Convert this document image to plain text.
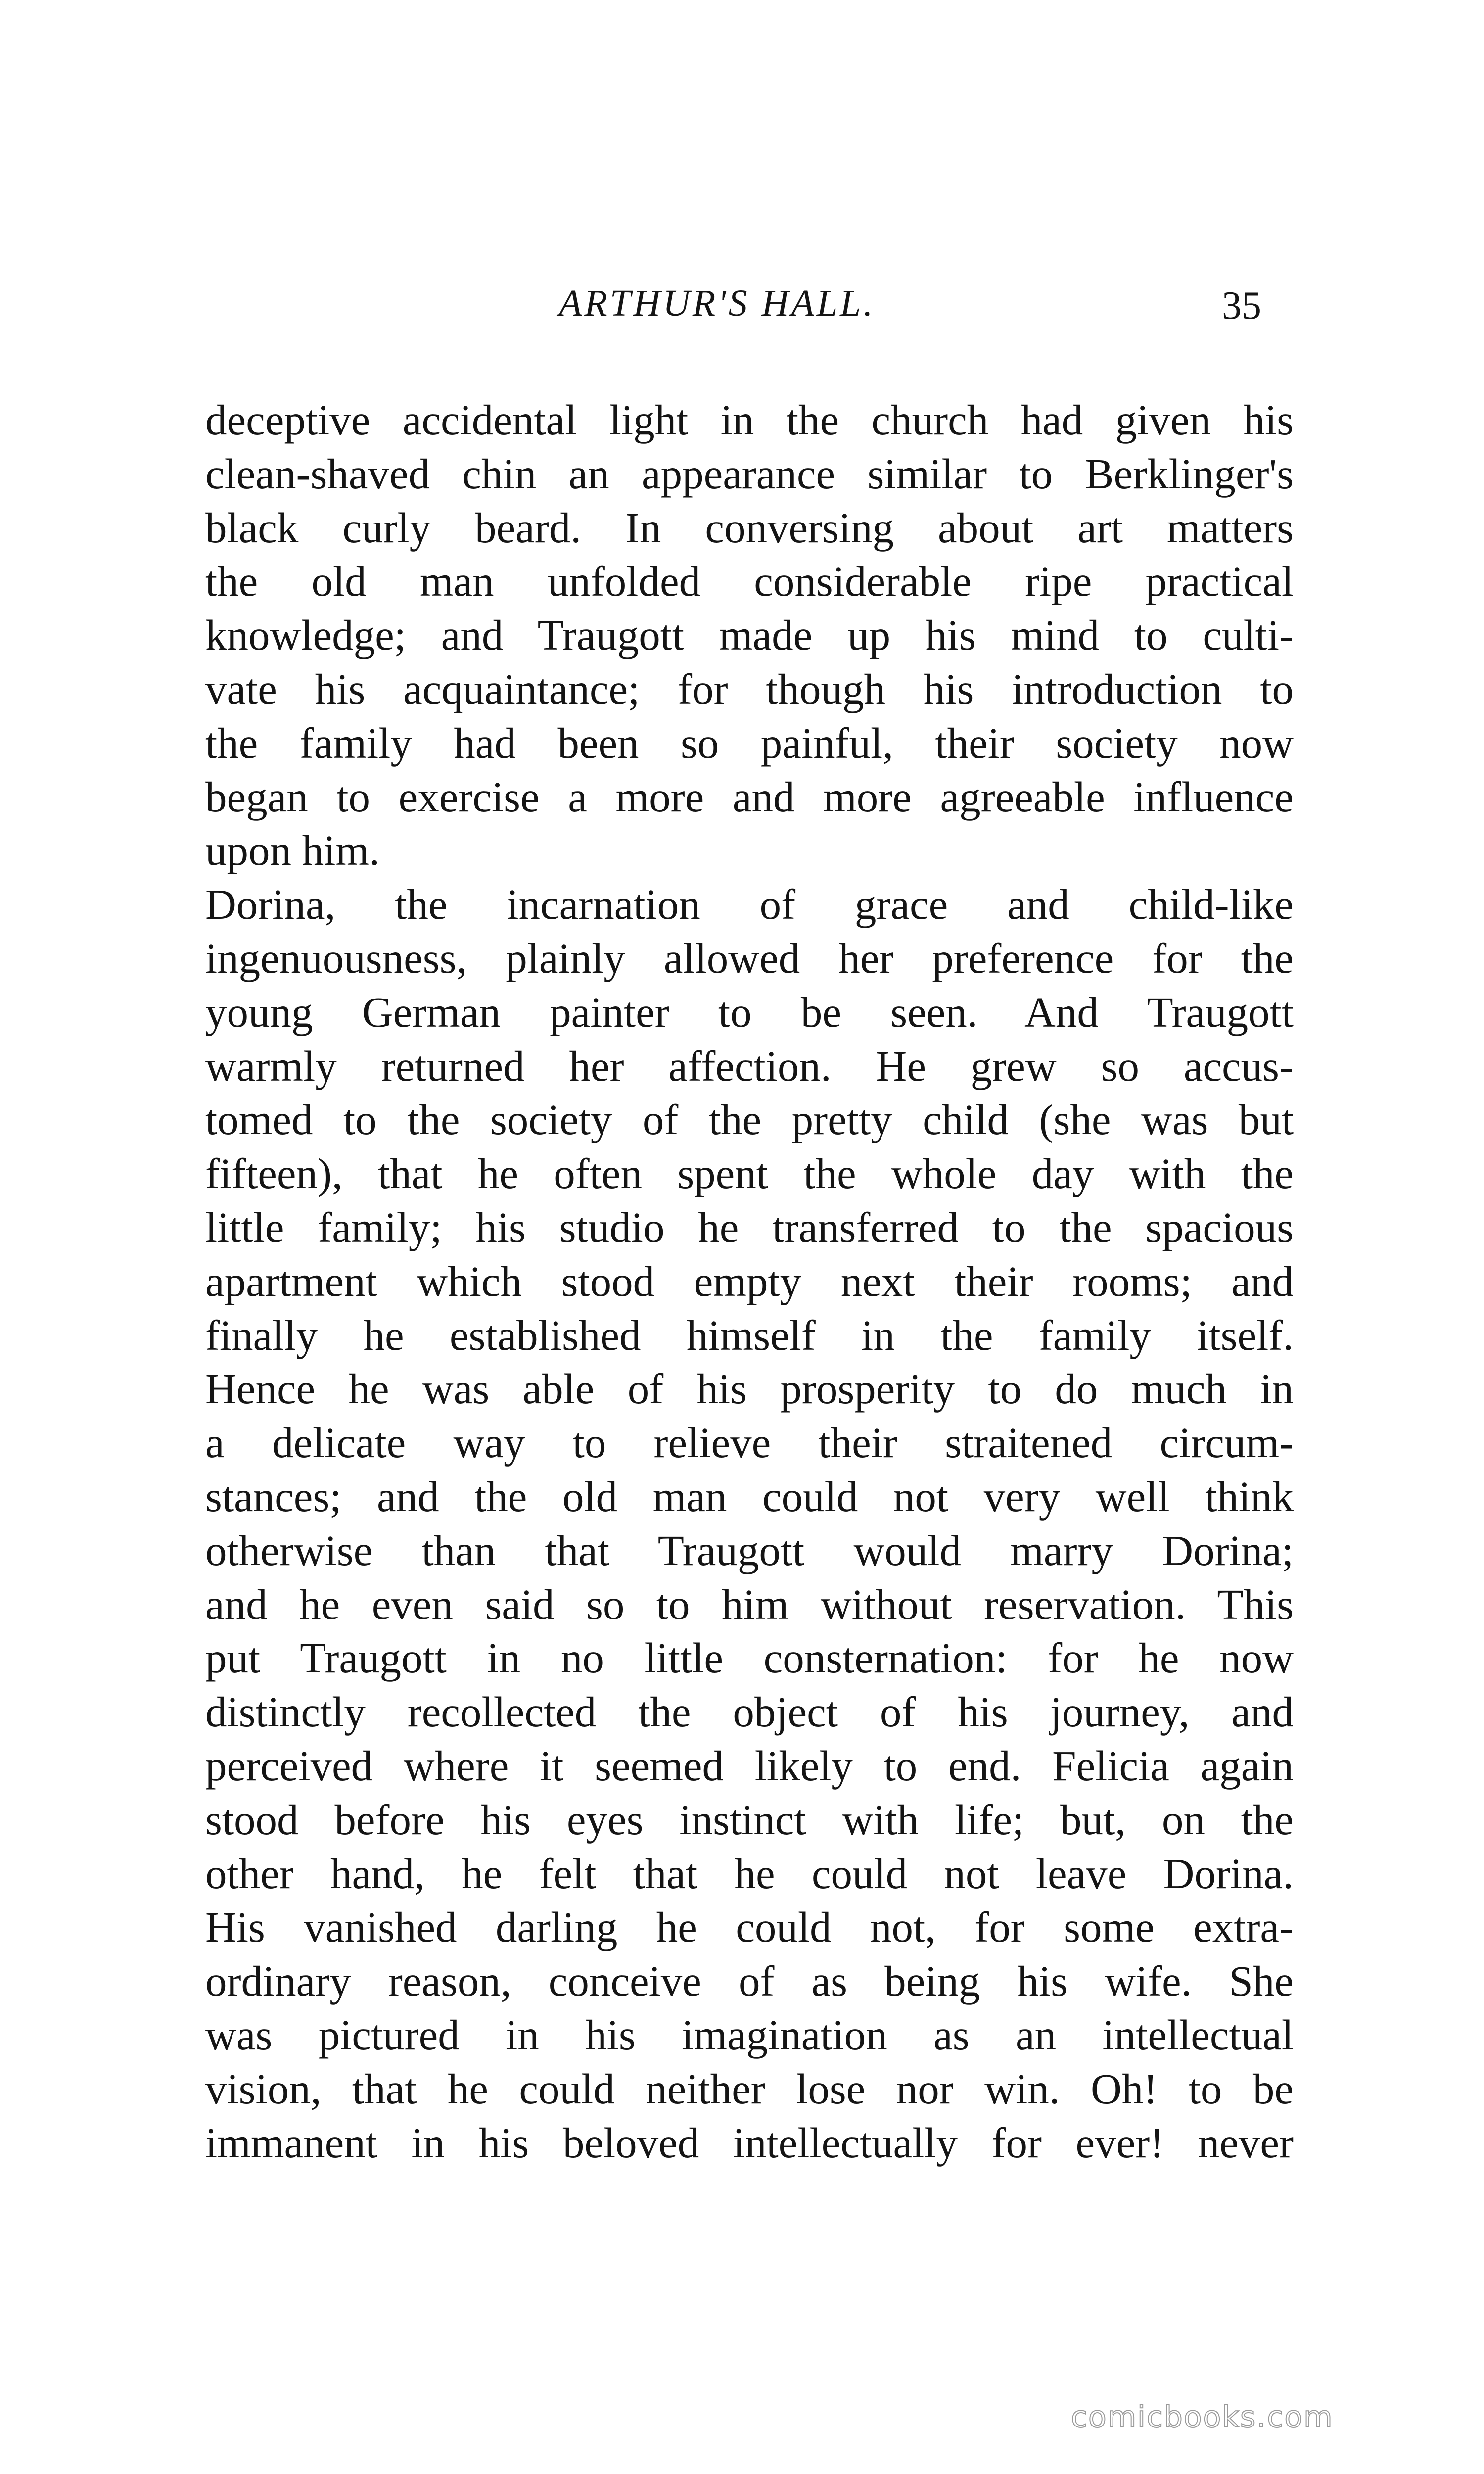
ARTHUR'S HALL.	35
deceptive accidental light in the church had given his
clean-shaved chin an appearance similar to Berklinger's
black curly beard. In conversing about art matters
the old man unfolded considerable ripe practical
knowledge; and Traugott made up his mind to culti-
vate his acquaintance; for though his introduction to
the family had been so painful, their society now
began to exercise a more and more agreeable influence
upon him.
Dorina, the incarnation of grace and child-like
ingenuousness, plainly allowed her preference for the
young German painter to be seen. And Traugott
warmly returned her affection. He grew so accus-
tomed to the society of the pretty child (she was but
fifteen), that he often spent the whole day with the
little family; his studio he transferred to the spacious
apartment which stood empty next their rooms; and
finally he established himself in the family itself.
Hence he was able of his prosperity to do much in
a delicate way to relieve their straitened circum-
stances; and the old man could not very well think
otherwise than that Traugott would marry Dorina;
and he even said so to him without reservation. This
put Traugott in no little consternation: for he now
distinctly recollected the object of his journey, and
perceived where it seemed likely to end. Felicia again
stood before his eyes instinct with life; but, on the
other hand, he felt that he could not leave Dorina.
His vanished darling he could not, for some extra-
ordinary reason, conceive of as being his wife. She
was pictured in his imagination as an intellectual
vision, that he could neither lose nor win. Oh! to be
immanent in his beloved intellectually for ever! never
comicbooks.com
